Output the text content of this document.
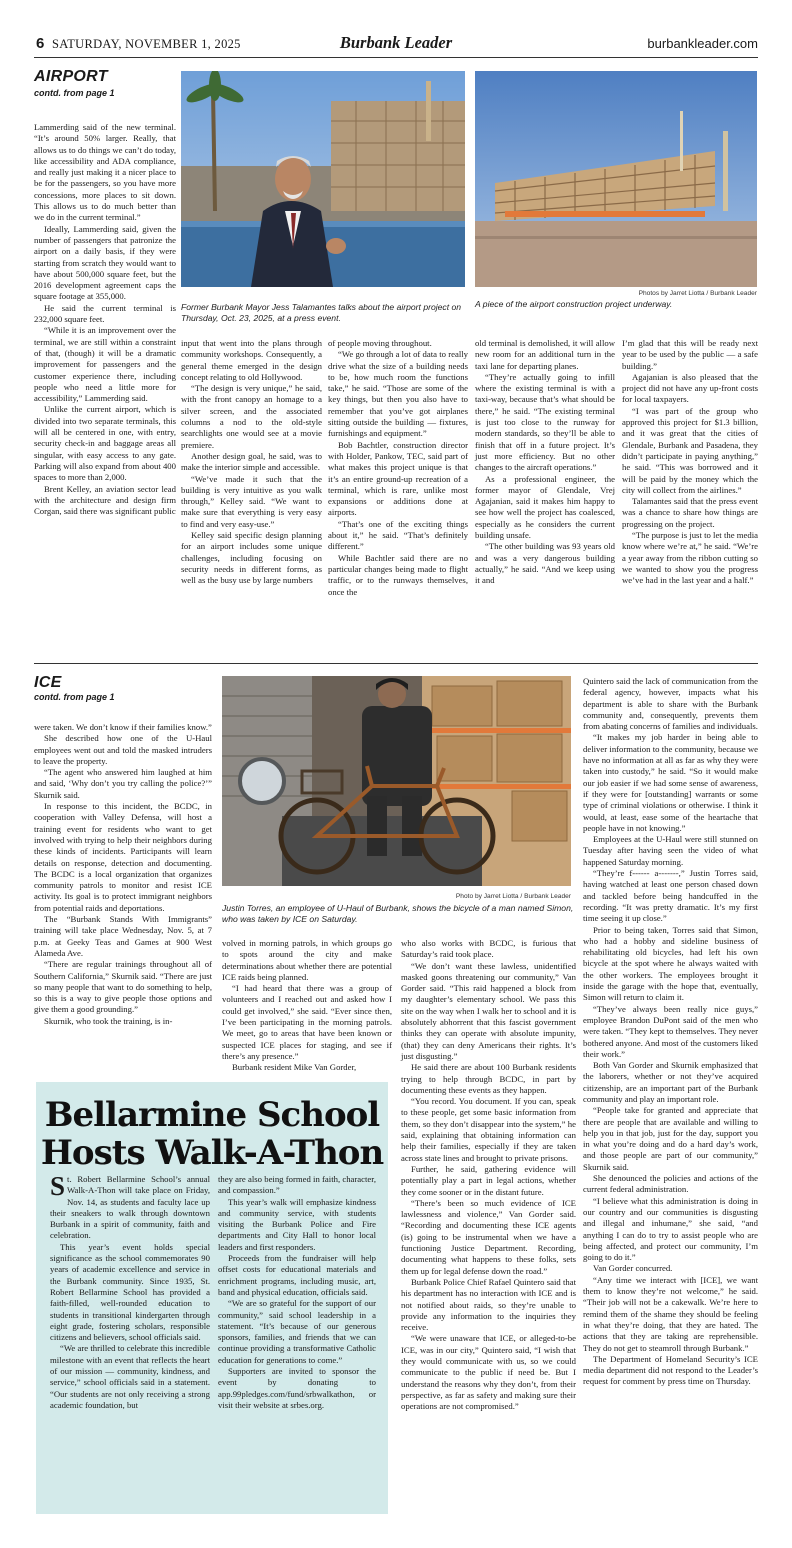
6 SATURDAY, NOVEMBER 1, 2025	Burbank Leader	burbankleader.com
AIRPORT
contd. from page 1
Photos by Jarret Liotta / Burbank Leader
Former Burbank Mayor Jess Talamantes talks about the airport project on Thursday, Oct. 23, 2025, at a press event.
A piece of the airport construction project underway.

Lammerding said of the new terminal. “It’s around 50% larger. Really, that allows us to do things we can’t do today, like accessibility and ADA compliance, and really just making it a nicer place to be for the passengers, so you have more concessions, more places to sit down. This allows us to do much better than we do in the current terminal.”

Ideally, Lammerding said, given the number of passengers that patronize the airport on a daily basis, if they were starting from scratch they would want to have about 500,000 square feet, but the 2016 development agreement caps the square footage at 355,000.

He said the current terminal is 232,000 square feet.

“While it is an improvement over the terminal, we are still within a constraint of that, (though) it will be a dramatic improvement for passengers and the customer experience there, including people who need a little more for accessibility,” Lammerding said.

Unlike the current airport, which is divided into two separate terminals, this will all be centered in one, with entry, security check-in and baggage areas all singular, with easy access to any gate. Parking will also expand from about 400 spaces to more than 2,000.

Brent Kelley, an aviation sector lead with the architecture and design firm Corgan, said there was significant public

input that went into the plans through community workshops. Consequently, a general theme emerged in the design concept relating to old Hollywood.

“The design is very unique,” he said, with the front canopy an homage to a silver screen, and the associated columns a nod to the old-style searchlights one would see at a movie premiere.

Another design goal, he said, was to make the interior simple and accessible.

“We’ve made it such that the building is very intuitive as you walk through,” Kelley said. “We want to make sure that everything is very easy to find and very easy-use.”

Kelley said specific design planning for an airport includes some unique challenges, including focusing on security needs in different forms, as well as the busy use by large numbers

of people moving throughout.

“We go through a lot of data to really drive what the size of a building needs to be, how much room the functions take,” he said. “Those are some of the key things, but then you also have to remember that you’ve got airplanes sitting outside the building — fixtures, furnishings and equipment.”

Bob Bachtler, construction director with Holder, Pankow, TEC, said part of what makes this project unique is that it’s an entire ground-up recreation of a terminal, which is rare, unlike most expansions or additions done at airports.

“That’s one of the exciting things about it,” he said. “That’s definitely different.”

While Bachtler said there are no particular changes being made to flight traffic, or to the runways themselves, once the

old terminal is demolished, it will allow new room for an additional turn in the taxi lane for departing planes.

“They’re actually going to infill where the existing terminal is with a taxi-way, because that’s what should be there,” he said. “The existing terminal is just too close to the runway for modern standards, so they’ll be able to finish that off in a future project. It’s just more efficiency. But no other changes to the aircraft operations.”

As a professional engineer, the former mayor of Glendale, Vrej Agajanian, said it makes him happy to see how well the project has coalesced, especially as he considers the current building unsafe.

“The other building was 93 years old and was a very dangerous building actually,” he said. “And we keep using it and

I’m glad that this will be ready next year to be used by the public — a safe building.”

Agajanian is also pleased that the project did not have any up-front costs for local taxpayers.

“I was part of the group who approved this project for $1.3 billion, and it was great that the cities of Glendale, Burbank and Pasadena, they didn’t participate in paying anything,” he said. “This was borrowed and it will be paid by the money which the city will collect from the airlines.”

Talamantes said that the press event was a chance to share how things are progressing on the project.

“The purpose is just to let the media know where we’re at,” he said. “We’re a year away from the ribbon cutting so we wanted to show you the progress we’ve had in the last year and a half.”

ICE
contd. from page 1
Photo by Jarret Liotta / Burbank Leader
Justin Torres, an employee of U-Haul of Burbank, shows the bicycle of a man named Simon, who was taken by ICE on Saturday.

were taken. We don’t know if their families know.”

She described how one of the U-Haul employees went out and told the masked intruders to leave the property.

“The agent who answered him laughed at him and said, ‘Why don’t you try calling the police?’” Skurnik said.

In response to this incident, the BCDC, in cooperation with Valley Defensa, will host a training event for residents who want to get involved with trying to help their neighbors during these kinds of incidents. Participants will learn details on response, detection and documenting. The BCDC is a local organization that organizes community patrols to monitor and resist ICE activity. Its goal is to protect immigrant neighbors from potential raids and deportations.

The “Burbank Stands With Immigrants” training will take place Wednesday, Nov. 5, at 7 p.m. at Geeky Teas and Games at 900 West Alameda Ave.

“There are regular trainings throughout all of Southern California,” Skurnik said. “There are just so many people that want to do something to help, so this is a way to give people those options and give them a good grounding.”

Skurnik, who took the training, is in-

volved in morning patrols, in which groups go to spots around the city and make determinations about whether there are potential ICE raids being planned.

“I had heard that there was a group of volunteers and I reached out and asked how I could get involved,” she said. “Ever since then, I’ve been participating in the morning patrols. We meet, go to areas that have been known or suspected ICE places for staging, and see if there’s any presence.”

Burbank resident Mike Van Gorder,

who also works with BCDC, is furious that Saturday’s raid took place.

“We don’t want these lawless, unidentified masked goons threatening our community,” Van Gorder said. “This raid happened a block from my daughter’s elementary school. We pass this site on the way when I walk her to school and it is absolutely abhorrent that this fascist government thinks they can operate with absolute impunity, (that) they can deny Americans their rights. It’s just disgusting.”

He said there are about 100 Burbank residents trying to help through BCDC, in part by documenting these events as they happen.

“You record. You document. If you can, speak to these people, get some basic information from them, so they don’t disappear into the system,” he said, explaining that obtaining information can help their families, especially if they are taken across state lines and brought to private prisons.

Further, he said, gathering evidence will potentially play a part in legal actions, whether they come sooner or in the distant future.

“There’s been so much evidence of ICE lawlessness and violence,” Van Gorder said. “Recording and documenting these ICE agents (is) going to be instrumental when we have a functioning Justice Department. Recording, documenting what happens to these folks, sets them up for legal defense down the road.”

Burbank Police Chief Rafael Quintero said that his department has no interaction with ICE and is not notified about raids, so they’re unable to provide any information to the inquiries they receive.

“We were unaware that ICE, or alleged-to-be ICE, was in our city,” Quintero said, “I wish that they would communicate with us, so we could communicate to the public if need be. But I understand the reasons why they don’t, from their perspective, as far as safety and making sure their operations are not compromised.”

Quintero said the lack of communication from the federal agency, however, impacts what his department is able to share with the Burbank community and, consequently, prevents them from abating concerns of families and individuals.

“It makes my job harder in being able to deliver information to the community, because we have no information at all as far as why they were taken into custody,” he said. “So it would make our job easier if we had some sense of awareness, if they were for [outstanding] warrants or some type of criminal violations or otherwise. I think it would, at least, ease some of the heartache that people have in not knowing.”

Employees at the U-Haul were still stunned on Tuesday after having seen the video of what happened Saturday morning.

“They’re f------ a-------,” Justin Torres said, having watched at least one person chased down and tackled before being handcuffed in the recording. “It was pretty dramatic. It’s my first time seeing it up close.”

Prior to being taken, Torres said that Simon, who had a hobby and sideline business of rehabilitating old bicycles, had left his own bicycle at the spot where he always waited with the other workers. The employees brought it inside the garage with the hope that, eventually, Simon will return to claim it.

“They’ve always been really nice guys,” employee Brandon DuPont said of the men who were taken. “They kept to themselves. They never bothered anyone. And most of the customers liked their work.”

Both Van Gorder and Skurnik emphasized that the laborers, whether or not they’ve acquired citizenship, are an important part of the Burbank community and play an important role.

“People take for granted and appreciate that there are people that are available and willing to help you in that job, just for the day, support you in what you’re doing and do a hard day’s work, and those people are part of our community,” Skurnik said.

She denounced the policies and actions of the current federal administration.

“I believe what this administration is doing in our country and our communities is disgusting and illegal and inhumane,” she said, “and anything I can do to try to assist people who are being affected, and protect our community, I’m going to do it.”

Van Gorder concurred.

“Any time we interact with [ICE], we want them to know they’re not welcome,” he said. “Their job will not be a cakewalk. We’re here to remind them of the shame they should be feeling in what they’re doing, that they are hated. The actions that they are taking are reprehensible. They do not get to steamroll through Burbank.”

The Department of Homeland Security’s ICE media department did not respond to the Leader’s request for comment by press time on Thursday.

Bellarmine School
Hosts Walk-A-Thon

St. Robert Bellarmine School’s annual Walk-A-Thon will take place on Friday, Nov. 14, as students and faculty lace up their sneakers to walk through downtown Burbank in a spirit of community, faith and celebration.

This year’s event holds special significance as the school commemorates 90 years of academic excellence and service in the Burbank community. Since 1935, St. Robert Bellarmine School has provided a faith-filled, well-rounded education to students in transitional kindergarten through eight grade, fostering scholars, responsible citizens and believers, school officials said.

“We are thrilled to celebrate this incredible milestone with an event that reflects the heart of our mission — community, kindness, and service,” school officials said in a statement. “Our students are not only receiving a strong academic foundation, but

they are also being formed in faith, character, and compassion.”

This year’s walk will emphasize kindness and community service, with students visiting the Burbank Police and Fire departments and City Hall to honor local leaders and first responders.

Proceeds from the fundraiser will help offset costs for educational materials and enrichment programs, including music, art, band and physical education, officials said.

“We are so grateful for the support of our community,” said school leadership in a statement. “It’s because of our generous sponsors, families, and friends that we can continue providing a transformative Catholic education for generations to come.”

Supporters are invited to sponsor the event by donating to app.99pledges.com/fund/srbwalkathon, or visit their website at srbes.org.
